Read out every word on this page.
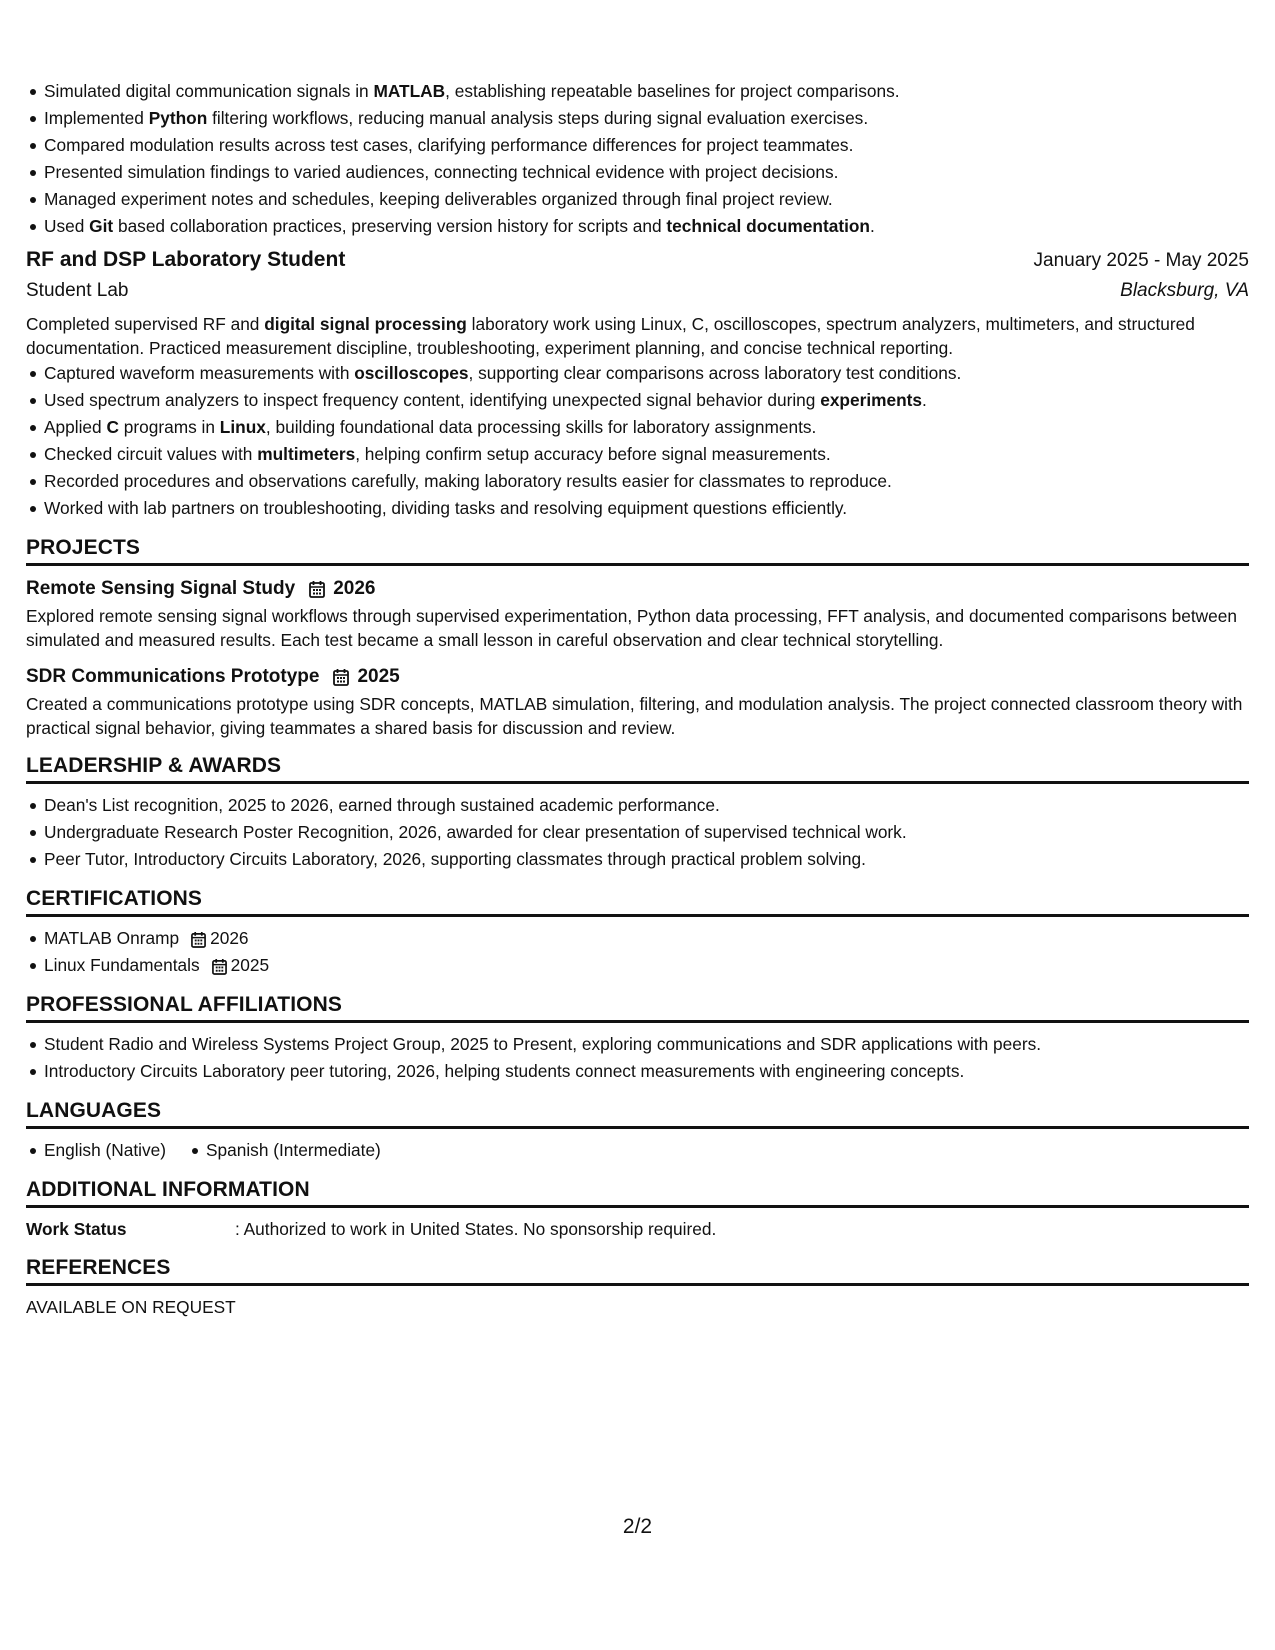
Simulated digital communication signals in MATLAB, establishing repeatable baselines for project comparisons.
Implemented Python filtering workflows, reducing manual analysis steps during signal evaluation exercises.
Compared modulation results across test cases, clarifying performance differences for project teammates.
Presented simulation findings to varied audiences, connecting technical evidence with project decisions.
Managed experiment notes and schedules, keeping deliverables organized through final project review.
Used Git based collaboration practices, preserving version history for scripts and technical documentation.
RF and DSP Laboratory Student	January 2025 - May 2025
Student Lab	Blacksburg, VA

Completed supervised RF and digital signal processing laboratory work using Linux, C, oscilloscopes, spectrum analyzers, multimeters, and structured documentation. Practiced measurement discipline, troubleshooting, experiment planning, and concise technical reporting.

Captured waveform measurements with oscilloscopes, supporting clear comparisons across laboratory test conditions.
Used spectrum analyzers to inspect frequency content, identifying unexpected signal behavior during experiments.
Applied C programs in Linux, building foundational data processing skills for laboratory assignments.
Checked circuit values with multimeters, helping confirm setup accuracy before signal measurements.
Recorded procedures and observations carefully, making laboratory results easier for classmates to reproduce.
Worked with lab partners on troubleshooting, dividing tasks and resolving equipment questions efficiently.
PROJECTS
Remote Sensing Signal Study 2026

Explored remote sensing signal workflows through supervised experimentation, Python data processing, FFT analysis, and documented comparisons between simulated and measured results. Each test became a small lesson in careful observation and clear technical storytelling.

SDR Communications Prototype 2025

Created a communications prototype using SDR concepts, MATLAB simulation, filtering, and modulation analysis. The project connected classroom theory with practical signal behavior, giving teammates a shared basis for discussion and review.

LEADERSHIP & AWARDS
Dean's List recognition, 2025 to 2026, earned through sustained academic performance.
Undergraduate Research Poster Recognition, 2026, awarded for clear presentation of supervised technical work.
Peer Tutor, Introductory Circuits Laboratory, 2026, supporting classmates through practical problem solving.
CERTIFICATIONS
MATLAB Onramp 2026
Linux Fundamentals 2025
PROFESSIONAL AFFILIATIONS
Student Radio and Wireless Systems Project Group, 2025 to Present, exploring communications and SDR applications with peers.
Introductory Circuits Laboratory peer tutoring, 2026, helping students connect measurements with engineering concepts.
LANGUAGES
English (Native)	Spanish (Intermediate)
ADDITIONAL INFORMATION
Work Status	: Authorized to work in United States. No sponsorship required.
REFERENCES
AVAILABLE ON REQUEST
2/2
